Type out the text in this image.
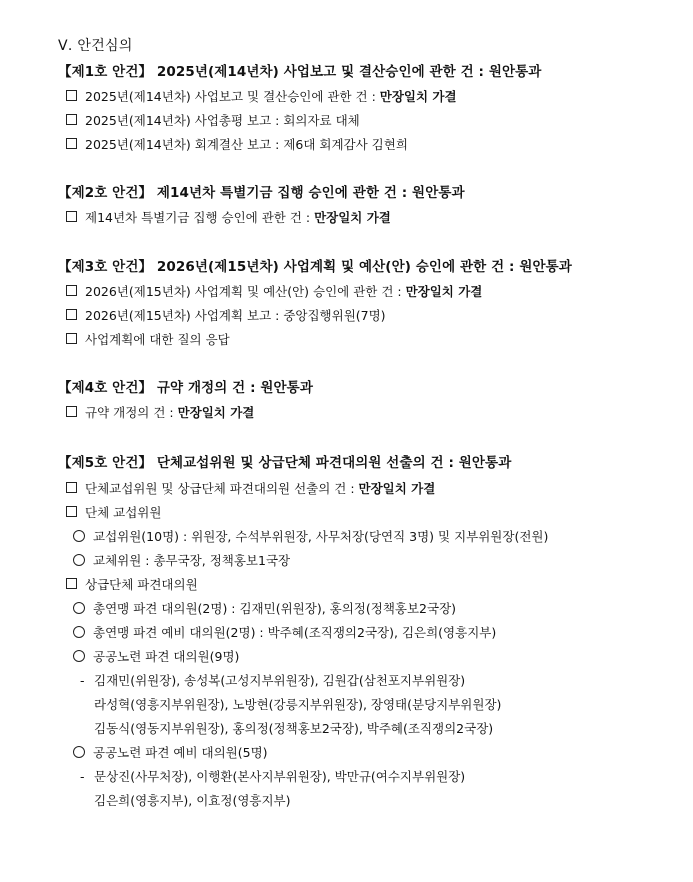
Ⅴ. 안건심의
【제1호 안건】 2025년(제14년차) 사업보고 및 결산승인에 관한 건 : 원안통과
2025년(제14년차) 사업보고 및 결산승인에 관한 건 : 만장일치 가결
2025년(제14년차) 사업총평 보고 : 회의자료 대체
2025년(제14년차) 회계결산 보고 : 제6대 회계감사 김현희
【제2호 안건】 제14년차 특별기금 집행 승인에 관한 건 : 원안통과
제14년차 특별기금 집행 승인에 관한 건 : 만장일치 가결
【제3호 안건】 2026년(제15년차) 사업계획 및 예산(안) 승인에 관한 건 : 원안통과
2026년(제15년차) 사업계획 및 예산(안) 승인에 관한 건 : 만장일치 가결
2026년(제15년차) 사업계획 보고 : 중앙집행위원(7명)
사업계획에 대한 질의 응답
【제4호 안건】 규약 개정의 건 : 원안통과
규약 개정의 건 : 만장일치 가결
【제5호 안건】 단체교섭위원 및 상급단체 파견대의원 선출의 건 : 원안통과
단체교섭위원 및 상급단체 파견대의원 선출의 건 : 만장일치 가결
단체 교섭위원
교섭위원(10명) : 위원장, 수석부위원장, 사무처장(당연직 3명) 및 지부위원장(전원)
교체위원 : 총무국장, 정책홍보1국장
상급단체 파견대의원
총연맹 파견 대의원(2명) : 김재민(위원장), 홍의정(정책홍보2국장)
총연맹 파견 예비 대의원(2명) : 박주혜(조직쟁의2국장), 김은희(영흥지부)
공공노련 파견 대의원(9명)
- 김재민(위원장), 송성복(고성지부위원장), 김원갑(삼천포지부위원장)
라성혁(영흥지부위원장), 노방현(강릉지부위원장), 장영태(분당지부위원장)
김동식(영동지부위원장), 홍의정(정책홍보2국장), 박주혜(조직쟁의2국장)
공공노련 파견 예비 대의원(5명)
- 문상진(사무처장), 이행환(본사지부위원장), 박만규(여수지부위원장)
김은희(영흥지부), 이효정(영흥지부)
